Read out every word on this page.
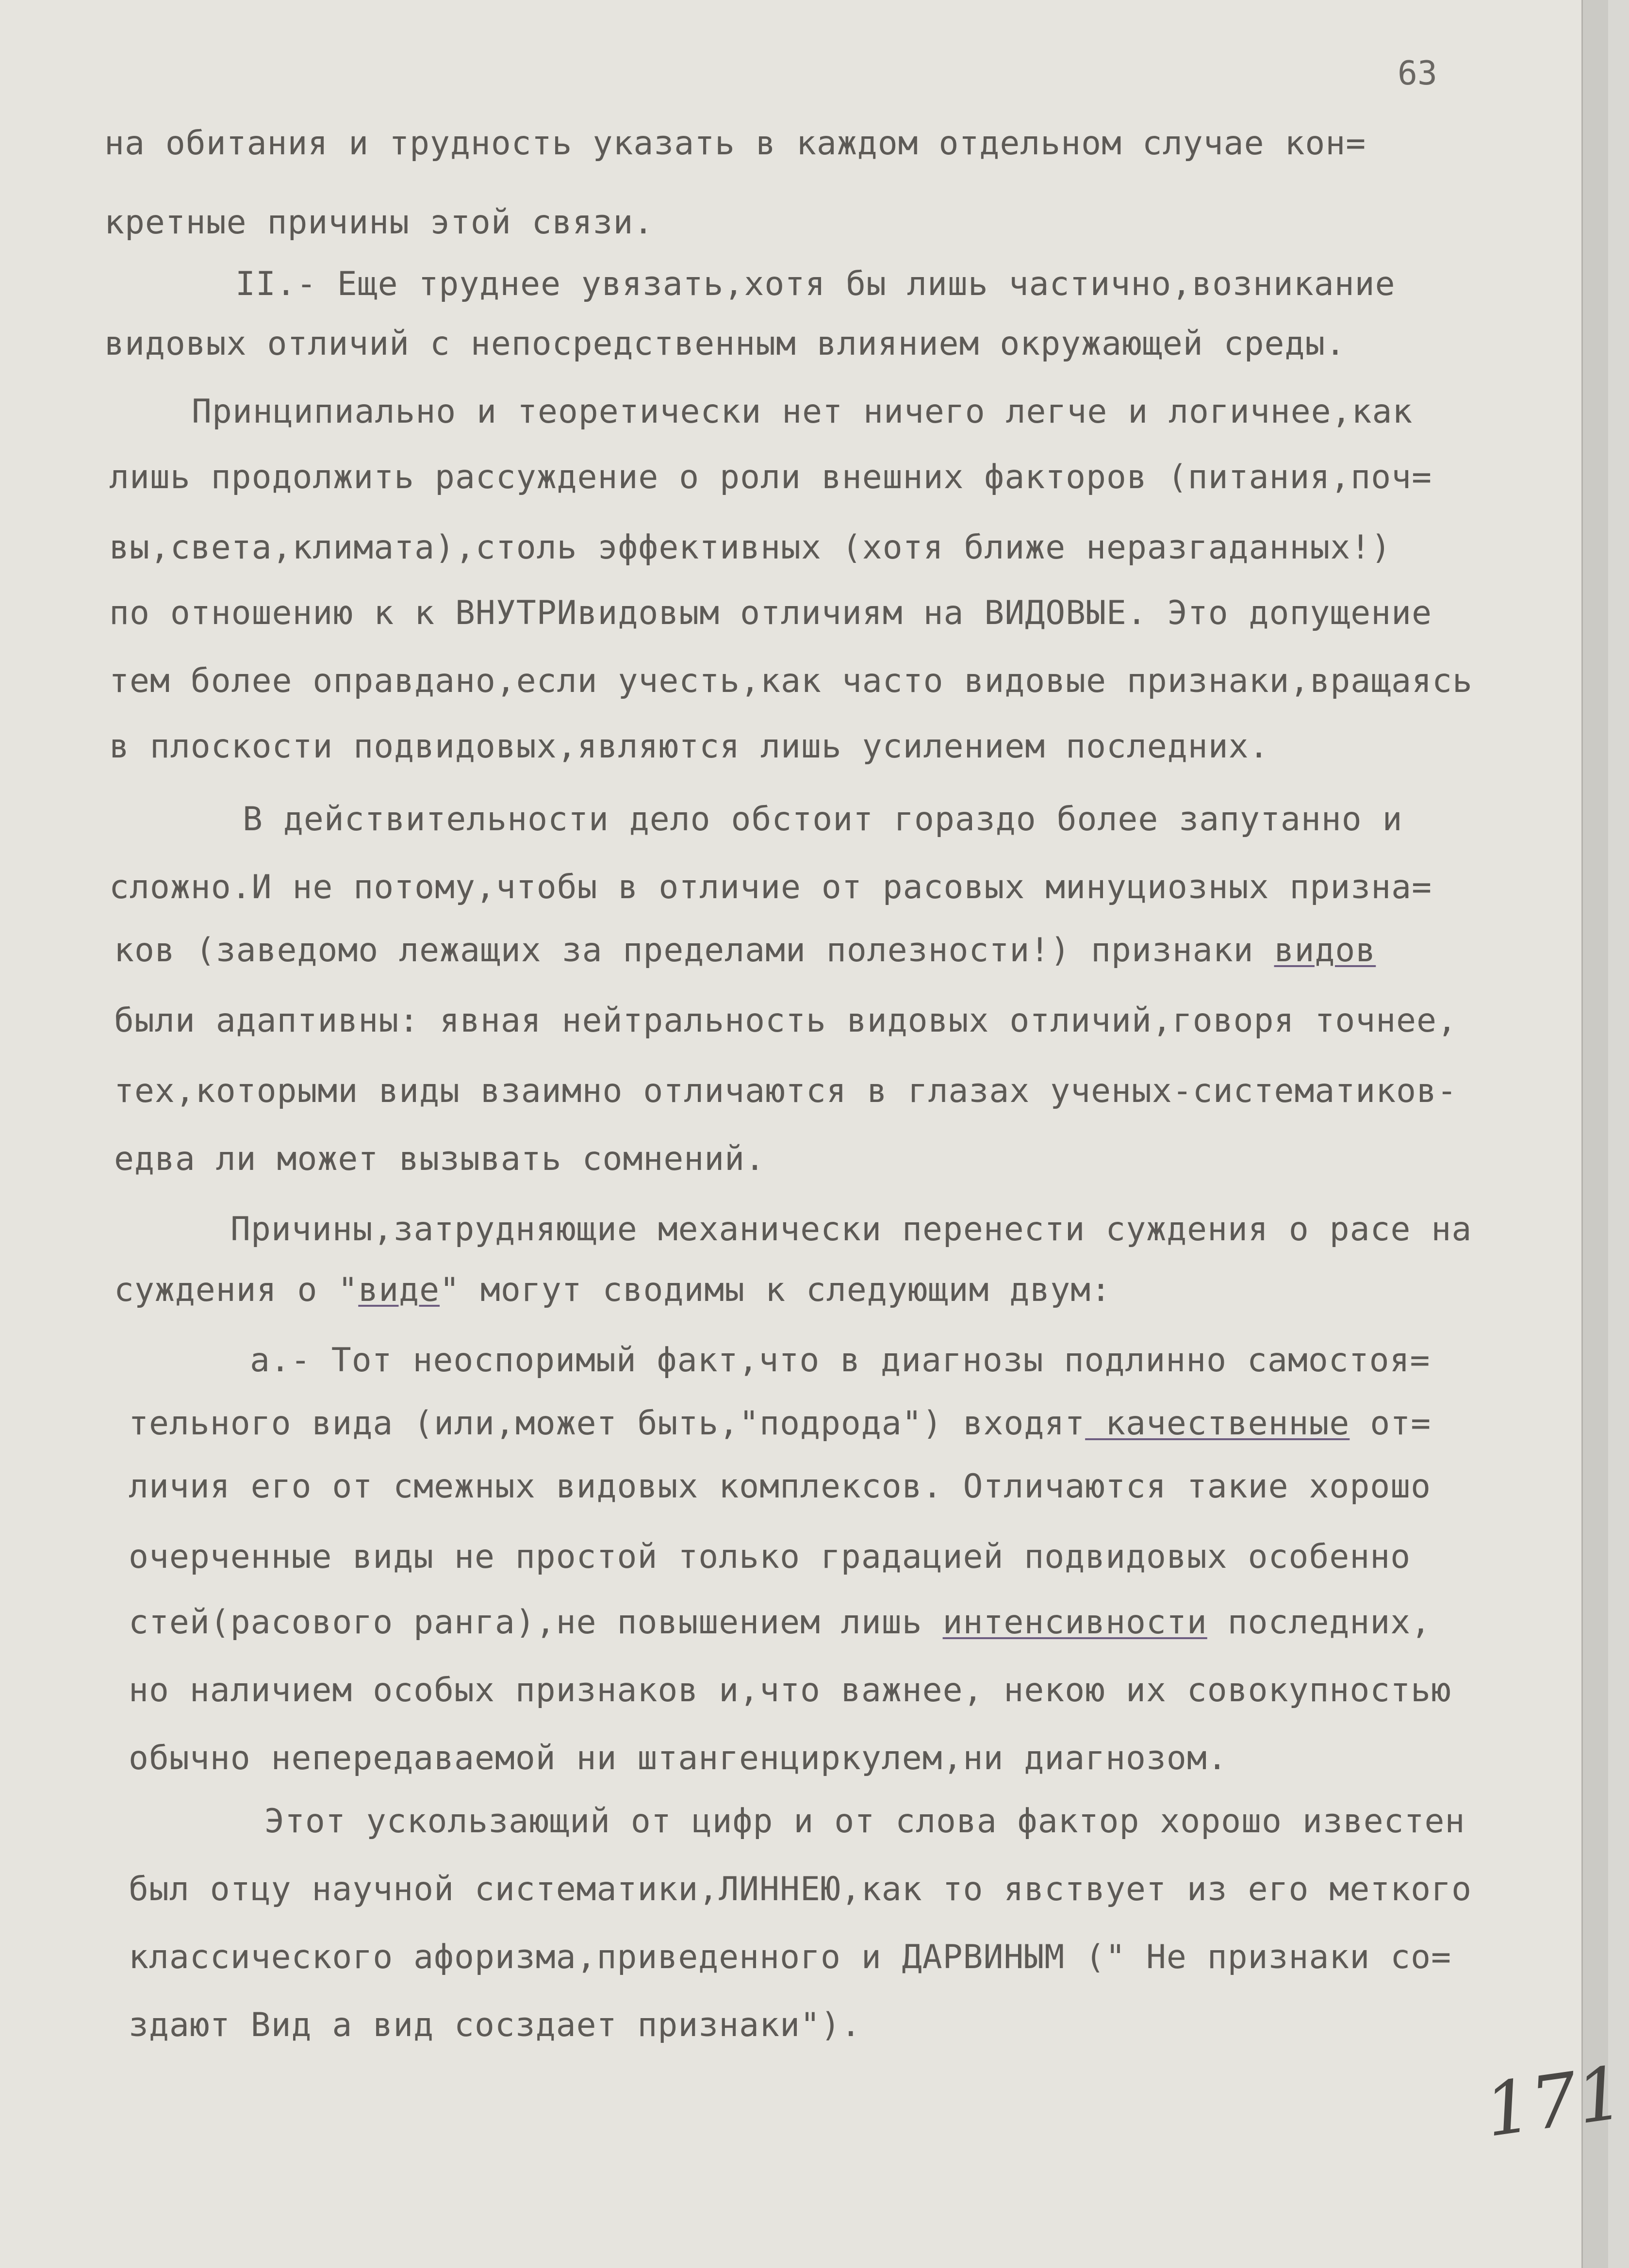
63
на обитания и трудность указать в каждом отдельном случае кон=
кретные причины этой связи.
II.- Еще труднее увязать,хотя бы лишь частично,возникание
видовых отличий с непосредственным влиянием окружающей среды.
Принципиально и теоретически нет ничего легче и логичнее,как
лишь продолжить рассуждение о роли внешних факторов (питания,поч=
вы,света,климата),столь эффективных (хотя ближе неразгаданных!)
по отношению к к ВНУТРИвидовым отличиям на ВИДОВЫЕ. Это допущение
тем более оправдано,если учесть,как часто видовые признаки,вращаясь
в плоскости подвидовых,являются лишь усилением последних.
В действительности дело обстоит гораздо более запутанно и
сложно.И не потому,чтобы в отличие от расовых минуциозных призна=
ков (заведомо лежащих за пределами полезности!) признаки видов
были адаптивны: явная нейтральность видовых отличий,говоря точнее,
тех,которыми виды взаимно отличаются в глазах ученых-систематиков-
едва ли может вызывать сомнений.
Причины,затрудняющие механически перенести суждения о расе на
суждения о "виде" могут сводимы к следующим двум:
а.- Тот неоспоримый факт,что в диагнозы подлинно самостоя=
тельного вида (или,может быть,"подрода") входят качественные от=
личия его от смежных видовых комплексов. Отличаются такие хорошо
очерченные виды не простой только градацией подвидовых особенно
стей(расового ранга),не повышением лишь интенсивности последних,
но наличием особых признаков и,что важнее, некою их совокупностью
обычно непередаваемой ни штангенциркулем,ни диагнозом.
Этот ускользающий от цифр и от слова фактор хорошо известен
был отцу научной систематики,ЛИННЕЮ,как то явствует из его меткого
классического афоризма,приведенного и ДАРВИНЫМ (" Не признаки со=
здают Вид а вид соcздает признаки").
171
